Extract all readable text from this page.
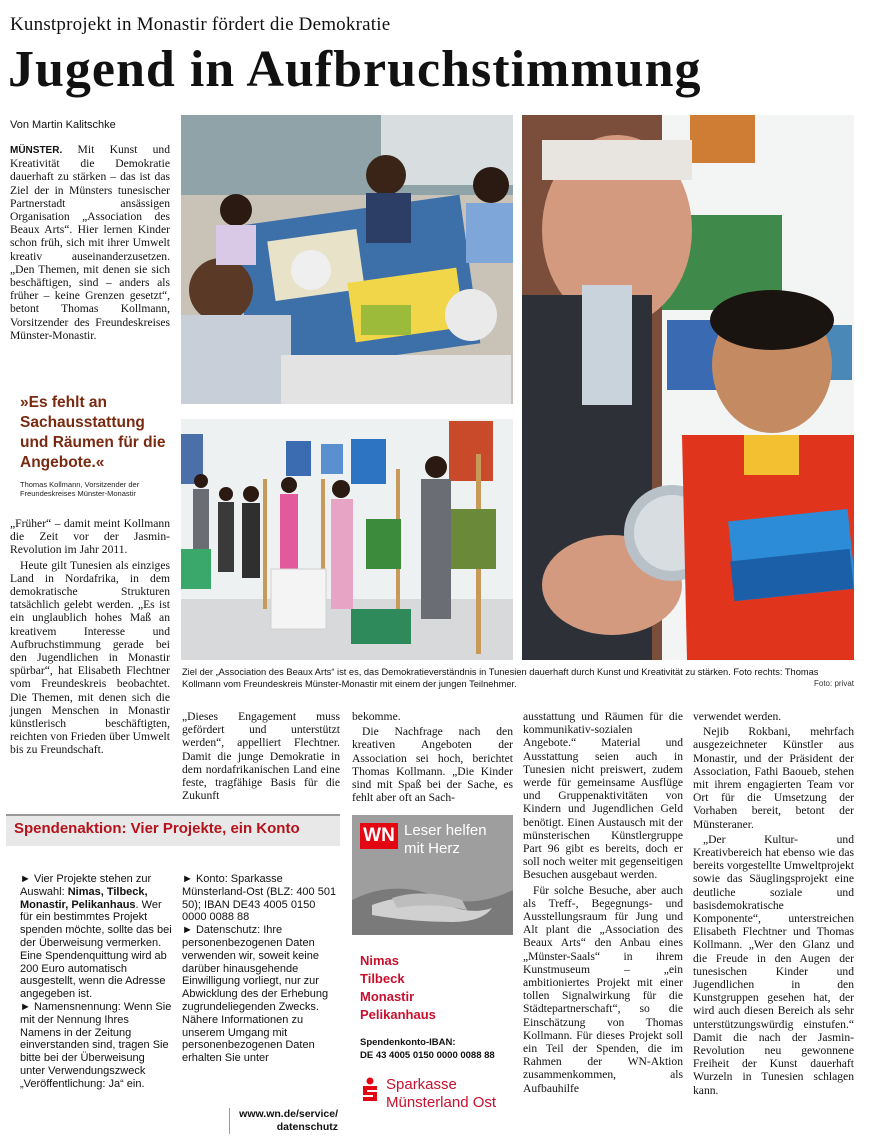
Kunstprojekt in Monastir fördert die Demokratie
Jugend in Aufbruchstimmung
Von Martin Kalitschke

MÜNSTER. Mit Kunst und Kreativität die Demokratie dauerhaft zu stärken – das ist das Ziel der in Münsters tunesischer Partnerstadt ansässigen Organisation „Association des Beaux Arts“. Hier lernen Kinder schon früh, sich mit ihrer Umwelt kreativ auseinanderzusetzen. „Den Themen, mit denen sie sich beschäftigen, sind – anders als früher – keine Grenzen gesetzt“, betont Thomas Kollmann, Vorsitzender des Freundeskreises Münster-Monastir.

»Es fehlt an Sachausstattung und Räumen für die Angebote.«
Thomas Kollmann, Vorsitzender der Freundeskreises Münster-Monastir

„Früher“ – damit meint Kollmann die Zeit vor der Jasmin-Revolution im Jahr 2011.

Heute gilt Tunesien als einziges Land in Nordafrika, in dem demokratische Strukturen tatsächlich gelebt werden. „Es ist ein unglaublich hohes Maß an kreativem Interesse und Aufbruchstimmung gerade bei den Jugendlichen in Monastir spürbar“, hat Elisabeth Flechtner vom Freundeskreis beobachtet. Die Themen, mit denen sich die jungen Menschen in Monastir künstlerisch beschäftigten, reichten von Frieden über Umwelt bis zu Freundschaft.

Ziel der „Association des Beaux Arts“ ist es, das Demokratieverständnis in Tunesien dauerhaft durch Kunst und Kreativität zu stärken. Foto rechts: Thomas Kollmann vom Freundeskreis Münster-Monastir mit einem der jungen Teilnehmer.	Foto: privat

„Dieses Engagement muss gefördert und unterstützt werden“, appelliert Flechtner. Damit die junge Demokratie in dem nordafrikanischen Land eine feste, tragfähige Basis für die Zukunft

bekomme.

Die Nachfrage nach den kreativen Angeboten der Association sei hoch, berichtet Thomas Kollmann. „Die Kinder sind mit Spaß bei der Sache, es fehlt aber oft an Sach-

ausstattung und Räumen für die kommunikativ-sozialen Angebote.“ Material und Ausstattung seien auch in Tunesien nicht preiswert, zudem werde für gemeinsame Ausflüge und Gruppenaktivitäten von Kindern und Jugendlichen Geld benötigt. Einen Austausch mit der münsterischen Künstlergruppe Part 96 gibt es bereits, doch er soll noch weiter mit gegenseitigen Besuchen ausgebaut werden.

Für solche Besuche, aber auch als Treff-, Begegnungs- und Ausstellungsraum für Jung und Alt plant die „Association des Beaux Arts“ den Anbau eines „Münster-Saals“ in ihrem Kunstmuseum – „ein ambitioniertes Projekt mit einer tollen Signalwirkung für die Städtepartnerschaft“, so die Einschätzung von Thomas Kollmann. Für dieses Projekt soll ein Teil der Spenden, die im Rahmen der WN-Aktion zusammenkommen, als Aufbauhilfe

verwendet werden.

Nejib Rokbani, mehrfach ausgezeichneter Künstler aus Monastir, und der Präsident der Association, Fathi Baoueb, stehen mit ihrem engagierten Team vor Ort für die Umsetzung der Vorhaben bereit, betont der Münsteraner.

„Der Kultur- und Kreativbereich hat ebenso wie das bereits vorgestellte Umweltprojekt sowie das Säuglingsprojekt eine deutliche soziale und basisdemokratische Komponente“, unterstreichen Elisabeth Flechtner und Thomas Kollmann. „Wer den Glanz und die Freude in den Augen der tunesischen Kinder und Jugendlichen in den Kunstgruppen gesehen hat, der wird auch diesen Bereich als sehr unterstützungswürdig einstufen.“ Damit die nach der Jasmin-Revolution neu gewonnene Freiheit der Kunst dauerhaft Wurzeln in Tunesien schlagen kann.

Spendenaktion: Vier Projekte, ein Konto

► Vier Projekte stehen zur Auswahl: Nimas, Tilbeck, Monastir, Pelikanhaus. Wer für ein bestimmtes Projekt spenden möchte, sollte das bei der Überweisung vermerken. Eine Spendenquittung wird ab 200 Euro automatisch ausgestellt, wenn die Adresse angegeben ist.

► Namensnennung: Wenn Sie mit der Nennung Ihres Namens in der Zeitung einverstanden sind, tragen Sie bitte bei der Überweisung unter Verwendungszweck „Veröffentlichung: Ja“ ein.

► Konto: Sparkasse Münsterland-Ost (BLZ: 400 501 50); IBAN DE43 4005 0150 0000 0088 88

► Datenschutz: Ihre personenbezogenen Daten verwenden wir, soweit keine darüber hinausgehende Einwilligung vorliegt, nur zur Abwicklung des der Erhebung zugrundeliegenden Zwecks. Nähere Informationen zu unserem Umgang mit personenbezogenen Daten erhalten Sie unter

www.wn.de/service/
datenschutz
WN Leser helfen
mit Herz
Nimas
Tilbeck
Monastir
Pelikanhaus
Spendenkonto-IBAN:
DE 43 4005 0150 0000 0088 88
Sparkasse
Münsterland Ost
